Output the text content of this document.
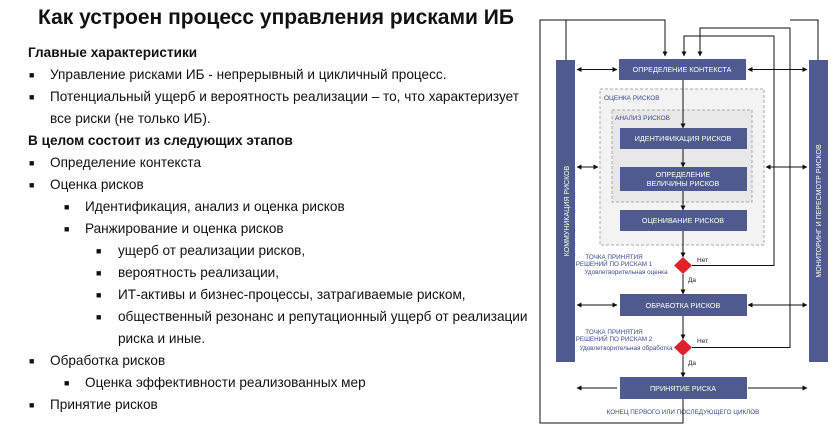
Как устроен процесс управления рисками ИБ
Главные характеристики
■ Управление рисками ИБ - непрерывный и цикличный процесс.
■ Потенциальный ущерб и вероятность реализации – то, что характеризует
все риски (не только ИБ).
В целом состоит из следующих этапов
■ Определение контекста
■ Оценка рисков
■ Идентификация, анализ и оценка рисков
■ Ранжирование и оценка рисков
■ ущерб от реализации рисков,
■ вероятность реализации,
■ ИТ-активы и бизнес-процессы, затрагиваемые риском,
■ общественный резонанс и репутационный ущерб от реализации
риска и иные.
■ Обработка рисков
■ Оценка эффективности реализованных мер
■ Принятие рисков
КОММУНИКАЦИЯ РИСКОВ	МОНИТОРИНГ И ПЕРЕСМОТР РИСКОВ
ОПРЕДЕЛЕНИЕ КОНТЕКСТА
ОЦЕНКА РИСКОВ
АНАЛИЗ РИСКОВ
ИДЕНТИФИКАЦИЯ РИСКОВ
ОПРЕДЕЛЕНИЕ
ВЕЛИЧИНЫ РИСКОВ
ОЦЕНИВАНИЕ РИСКОВ
ТОЧКА ПРИНЯТИЯ
РЕШЕНИЙ ПО РИСКАМ 1
Удовлетворительная оценка
Нет
Да
ОБРАБОТКА РИСКОВ
ТОЧКА ПРИНЯТИЯ
РЕШЕНИЙ ПО РИСКАМ 2
Удовлетворительная обработка
Нет
Да
ПРИНЯТИЕ РИСКА
КОНЕЦ ПЕРВОГО ИЛИ ПОСЛЕДУЮЩЕГО ЦИКЛОВ
